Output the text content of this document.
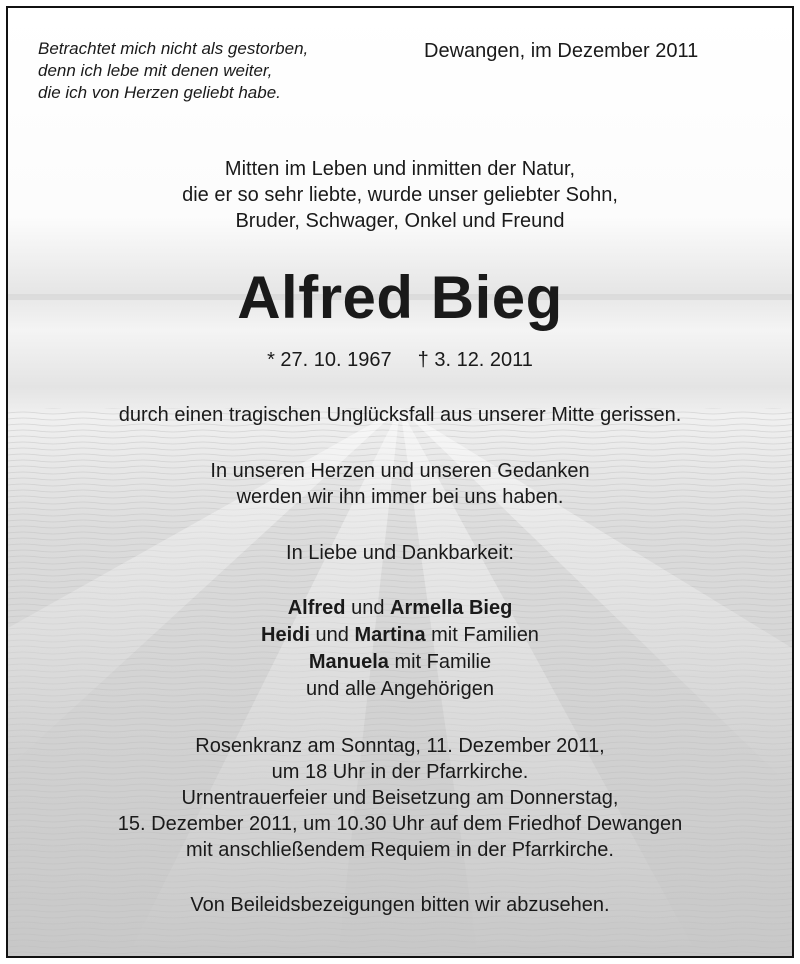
Betrachtet mich nicht als gestorben,
denn ich lebe mit denen weiter,
die ich von Herzen geliebt habe.
Dewangen, im Dezember 2011
Mitten im Leben und inmitten der Natur,
die er so sehr liebte, wurde unser geliebter Sohn,
Bruder, Schwager, Onkel und Freund
Alfred Bieg
* 27. 10. 1967 † 3. 12. 2011
durch einen tragischen Unglücksfall aus unserer Mitte gerissen.
In unseren Herzen und unseren Gedanken
werden wir ihn immer bei uns haben.
In Liebe und Dankbarkeit:
Alfred und Armella Bieg
Heidi und Martina mit Familien
Manuela mit Familie
und alle Angehörigen
Rosenkranz am Sonntag, 11. Dezember 2011,
um 18 Uhr in der Pfarrkirche.
Urnentrauerfeier und Beisetzung am Donnerstag,
15. Dezember 2011, um 10.30 Uhr auf dem Friedhof Dewangen
mit anschließendem Requiem in der Pfarrkirche.
Von Beileidsbezeigungen bitten wir abzusehen.
